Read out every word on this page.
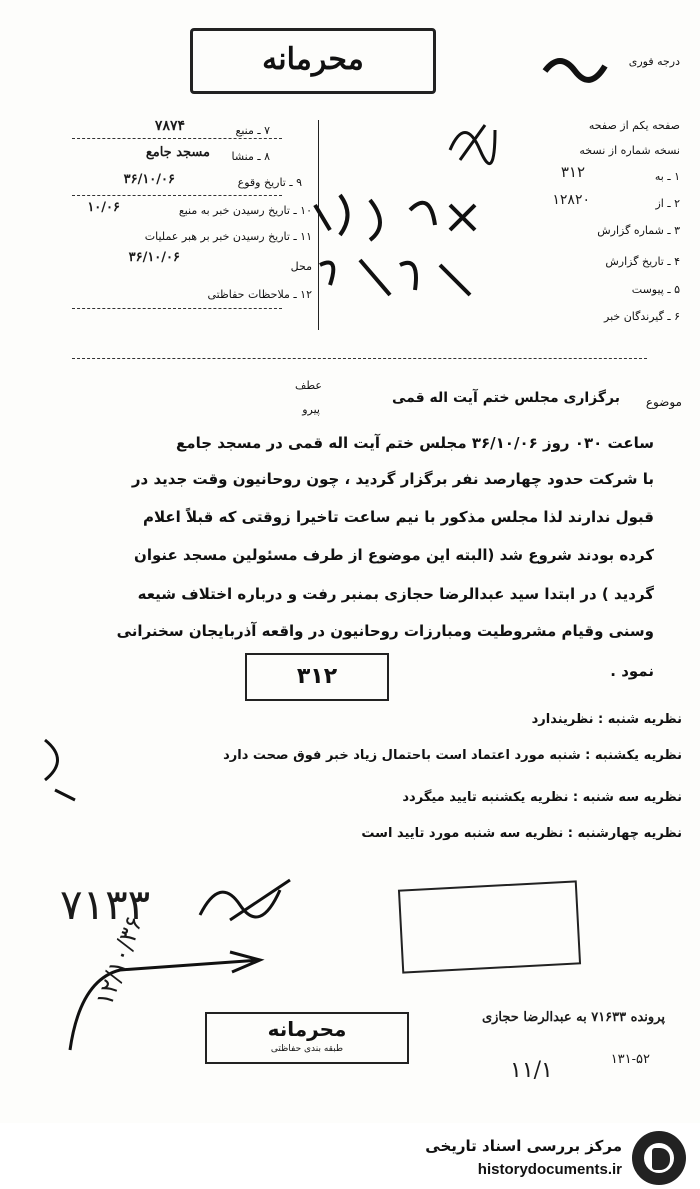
محرمانه	درجه فوری
صفحه یکم از صفحه
نسخه شماره از نسخه
۱ ـ به
۳۱۲
۲ ـ از
۱۲۸۲۰
۳ ـ شماره گزارش
۴ ـ تاریخ گزارش
۵ ـ پیوست
۶ ـ گیرندگان خبر
۷ ـ منبع
۷۸۷۴
۸ ـ منشا
مسجد جامع
۹ ـ تاریخ وقوع
۳۶/۱۰/۰۶
۱۰ ـ تاریخ رسیدن خبر به منبع
۱۰/۰۶
۱۱ ـ تاریخ رسیدن خبر بر هبر عملیات
محل
۳۶/۱۰/۰۶
۱۲ ـ ملاحظات حفاظتی
موضوع
برگزاری مجلس ختم آیت اله قمی
عطف
پیرو
ساعت ۰۳۰ روز ۳۶/۱۰/۰۶ مجلس ختم آیت اله قمی در مسجد جامع
با شرکت حدود چهارصد نفر برگزار گردید ، چون روحانیون وقت جدید در
قبول ندارند لذا مجلس مذکور با نیم ساعت تاخیرا زوقتی که قبلاً اعلام
کرده بودند شروع شد (البته این موضوع از طرف مسئولین مسجد عنوان
گردید ) در ابتدا سید عبدالرضا حجازی بمنبر رفت و درباره اختلاف شیعه
وسنی وقیام مشروطیت ومبارزات روحانیون در واقعه آذربایجان سخنرانی
نمود .
۳۱۲
نظریه شنبه : نظریندارد
نظریه یکشنبه : شنبه مورد اعتماد است باحتمال زیاد خبر فوق صحت دارد
نظریه سه شنبه : نظریه یکشنبه تایید میگردد
نظریه چهارشنبه : نظریه سه شنبه مورد تایید است
۷۱۳۳
۱۲/۱۰/۳۶
پرونده ۷۱۶۳۳ به عبدالرضا حجازی
۱۳۱-۵۲
۱۱/۱
محرمانه
طبقه بندی حفاظتی
مرکز بررسی اسناد تاریخی
historydocuments.ir
